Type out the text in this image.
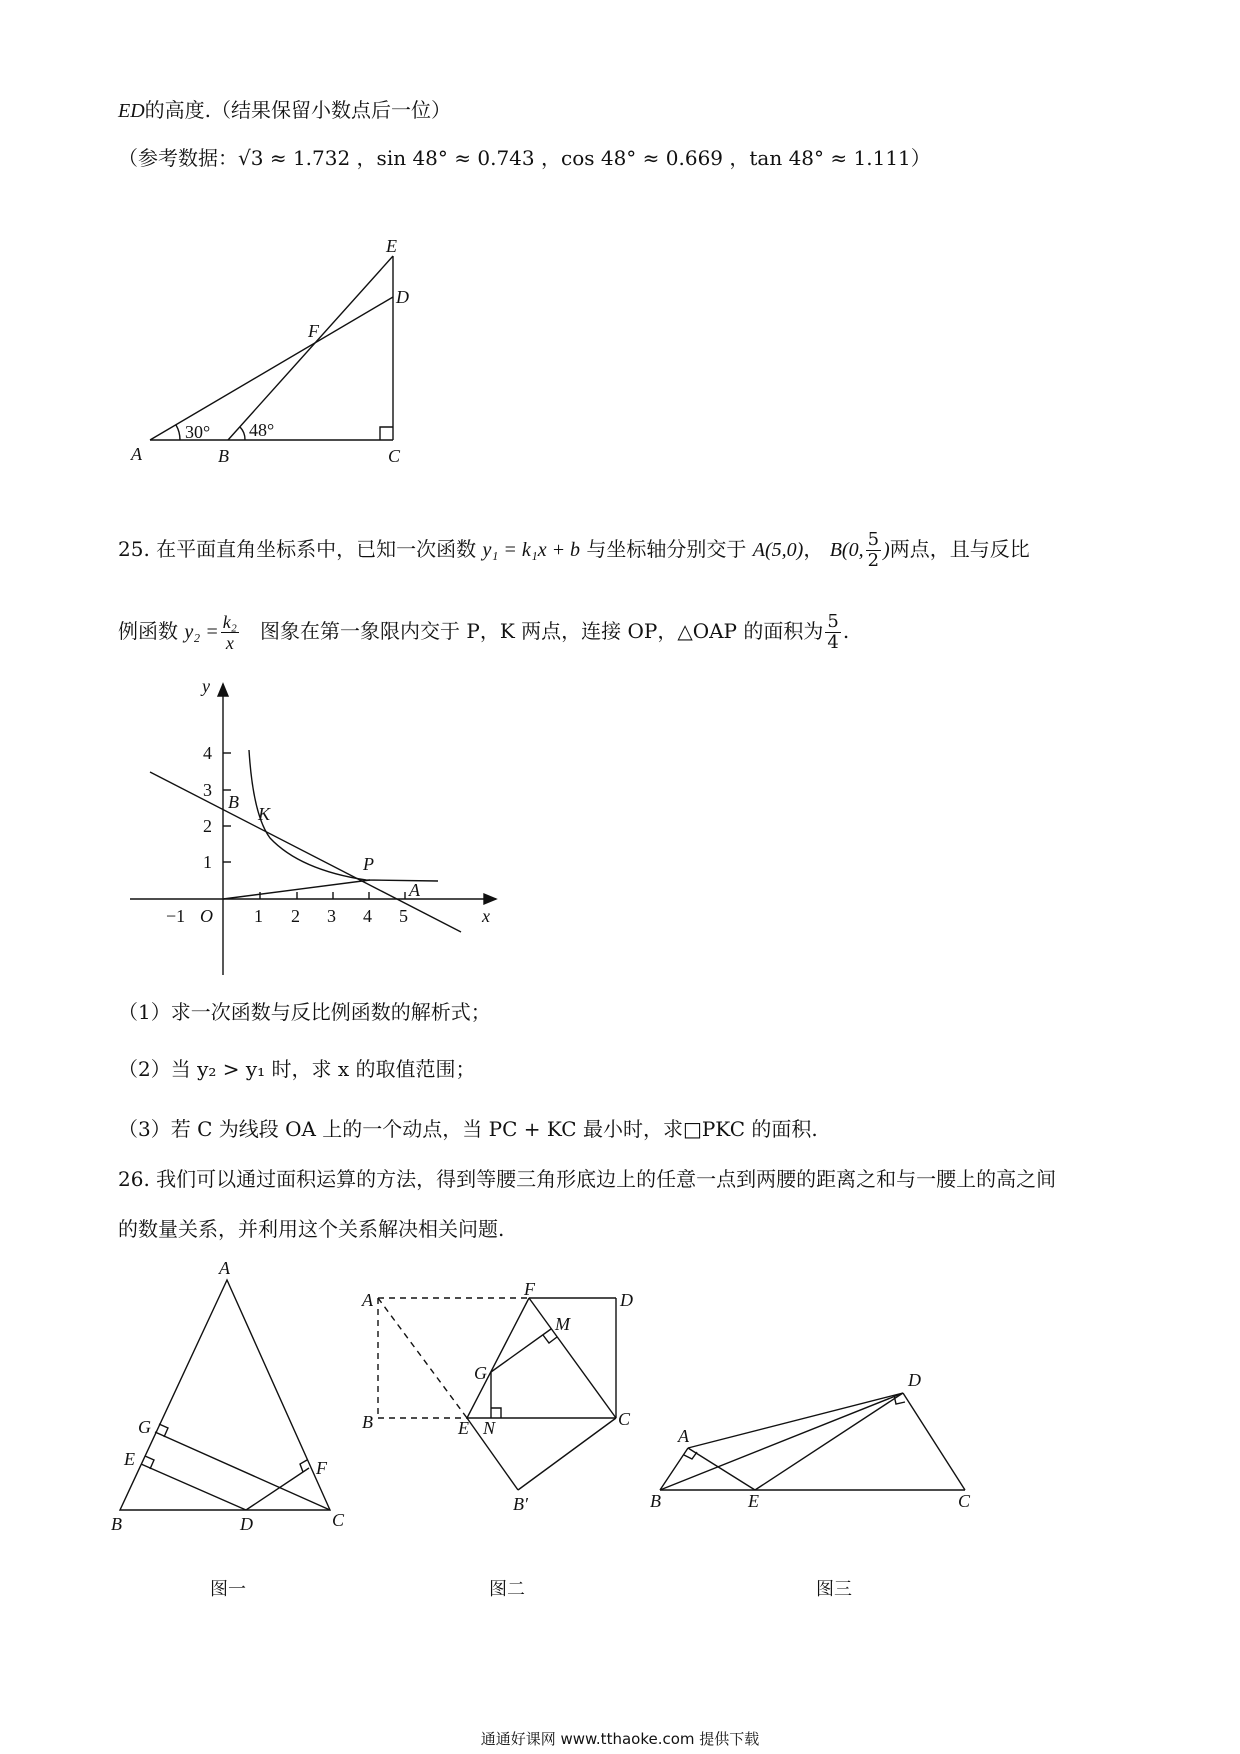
ED的高度.（结果保留小数点后一位）
（参考数据：√3 ≈ 1.732 ，sin 48° ≈ 0.743 ，cos 48° ≈ 0.669 ，tan 48° ≈ 1.111）
E
D
F
A	B	C
30° 48°
25. 在平面直角坐标系中，已知一次函数 y₁ = k₁x + b 与坐标轴分别交于 A(5,0)， B(0, $\frac{5}{2}$ )两点，且与反比
例函数 $y_2 = \frac{\text{k₂}}{x}$ 图象在第一象限内交于 P，K 两点，连接 OP，△OAP 的面积为 $\frac{5}{4}$ .
y
x
O
−1	1 2 3 4 5
1
2
3
4
B
K
P
A
（1）求一次函数与反比例函数的解析式；
（2）当 y₂ > y₁ 时，求 x 的取值范围；
（3）若 C 为线段 OA 上的一个动点，当 PC + KC 最小时，求□PKC 的面积.
26. 我们可以通过面积运算的方法，得到等腰三角形底边上的任意一点到两腰的距离之和与一腰上的高之间
的数量关系，并利用这个关系解决相关问题.
A
G
E	F
B	D	C
A
F
D
M
G
B	E N	C
B′
D
A
B	E	C
图一	图二	图三
通通好课网 www.tthaoke.com 提供下载
